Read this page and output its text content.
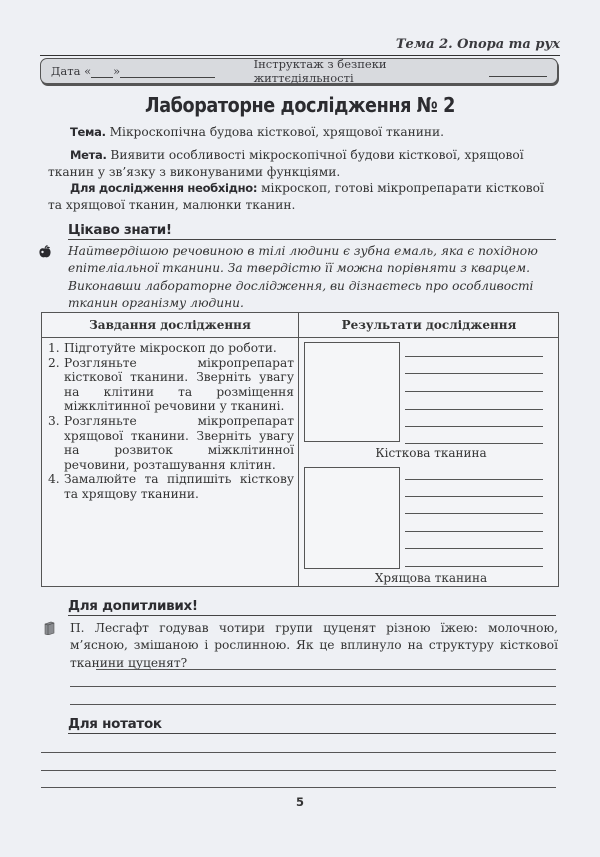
Тема 2. Опора та рух
Дата « »	Інструктаж з безпеки життєдіяльності
Лабораторне дослідження № 2
Тема. Мікроскопічна будова кісткової, хрящової тканини.
Мета. Виявити особливості мікроскопічної будови кісткової, хрящової тканин у зв’язку з виконуваними функціями.
Для дослідження необхідно: мікроскоп, готові мікропрепарати кісткової та хрящової тканин, малюнки тканин.
Цікаво знати!
Найтвердішою речовиною в тілі людини є зубна емаль, яка є похідною епітеліальної тканини. За твердістю її можна порівняти з кварцем. Виконавши лабораторне дослідження, ви дізнаєтесь про особливості тканин організму людини.
Завдання дослідження	Результати дослідження
1. Підготуйте мікроскоп до роботи.
2. Розгляньте мікропрепарат кісткової тканини. Зверніть увагу на клітини та розміщення міжклітинної речовини у тканині.
3. Розгляньте мікропрепарат хрящової тканини. Зверніть увагу на розвиток міжклітинної речовини, розташування клітин.
4. Замалюйте та підпишіть кісткову та хрящову тканини.
Кісткова тканина
Хрящова тканина
Для допитливих!
П. Лесгафт годував чотири групи цуценят різною їжею: молочною, м’ясною, змішаною і рослинною. Як це вплинуло на структуру кісткової тканини цуценят?
Для нотаток
5
